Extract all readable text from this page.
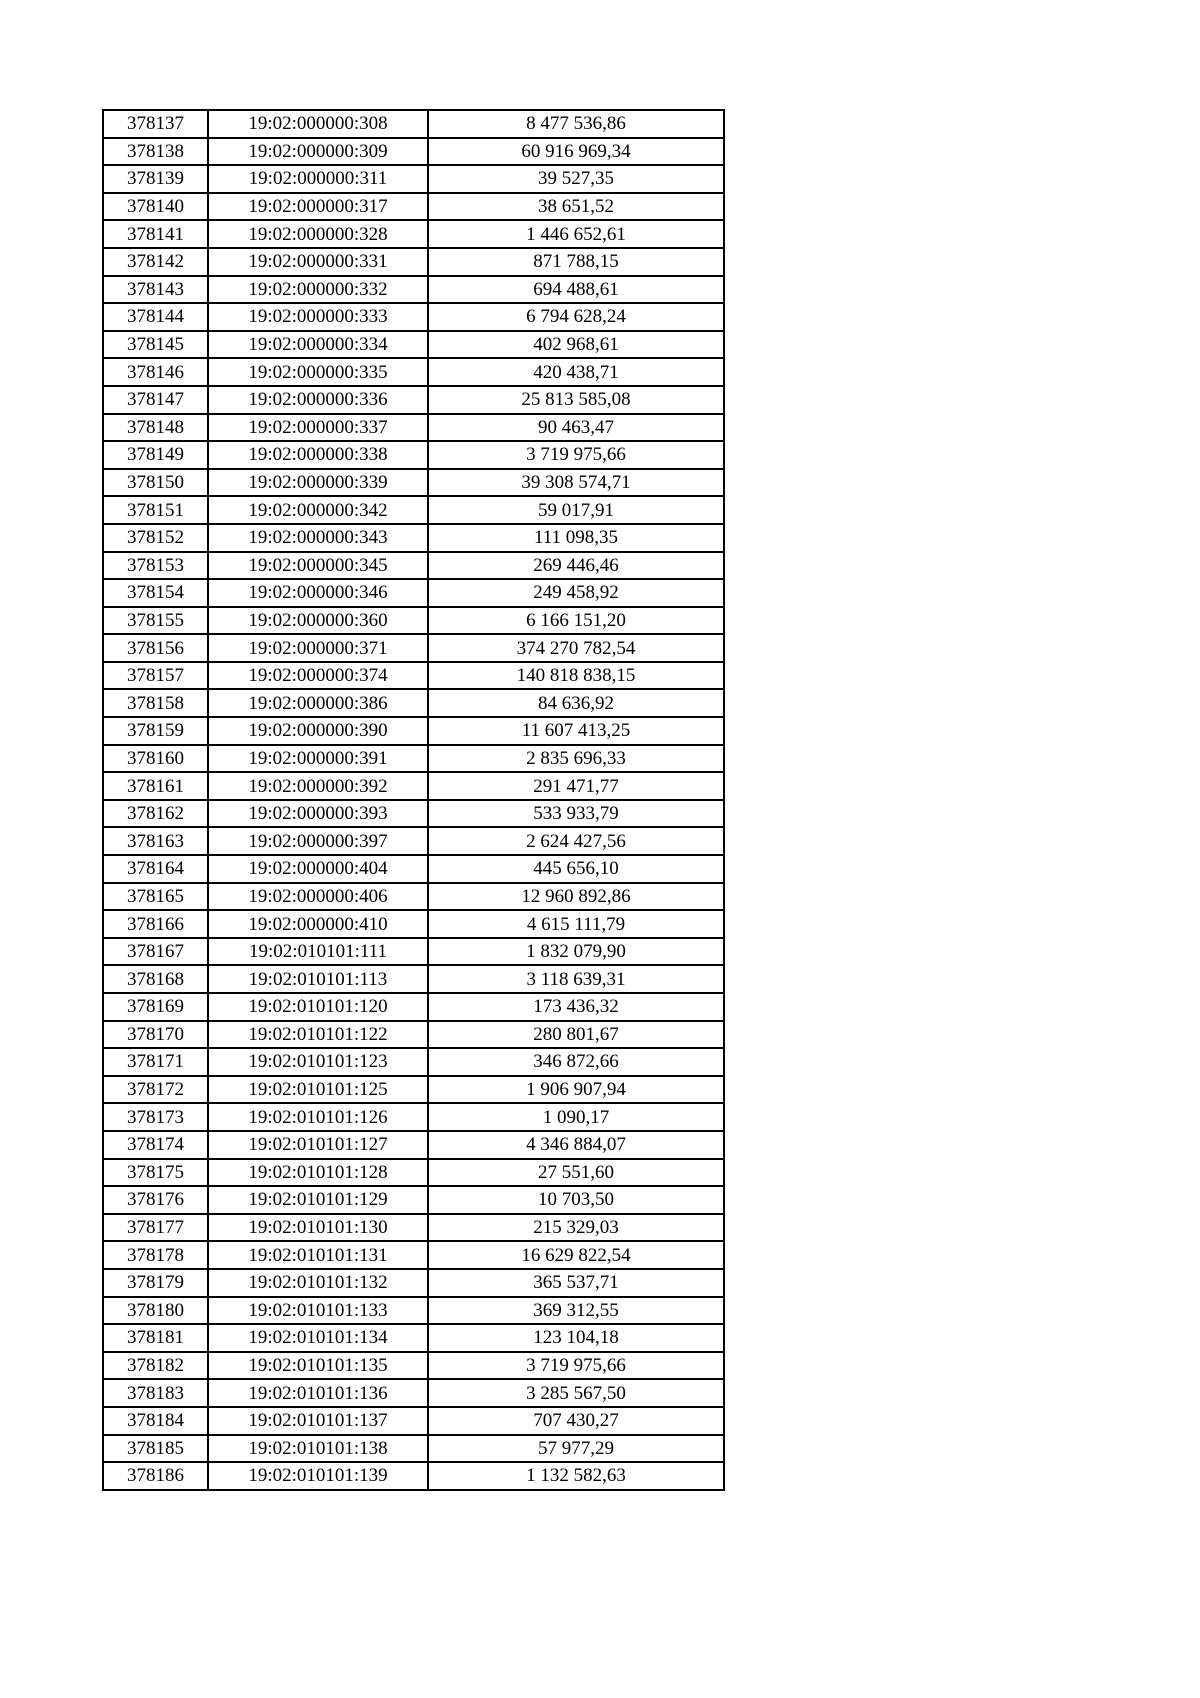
378137	19:02:000000:308	8 477 536,86
378138	19:02:000000:309	60 916 969,34
378139	19:02:000000:311	39 527,35
378140	19:02:000000:317	38 651,52
378141	19:02:000000:328	1 446 652,61
378142	19:02:000000:331	871 788,15
378143	19:02:000000:332	694 488,61
378144	19:02:000000:333	6 794 628,24
378145	19:02:000000:334	402 968,61
378146	19:02:000000:335	420 438,71
378147	19:02:000000:336	25 813 585,08
378148	19:02:000000:337	90 463,47
378149	19:02:000000:338	3 719 975,66
378150	19:02:000000:339	39 308 574,71
378151	19:02:000000:342	59 017,91
378152	19:02:000000:343	111 098,35
378153	19:02:000000:345	269 446,46
378154	19:02:000000:346	249 458,92
378155	19:02:000000:360	6 166 151,20
378156	19:02:000000:371	374 270 782,54
378157	19:02:000000:374	140 818 838,15
378158	19:02:000000:386	84 636,92
378159	19:02:000000:390	11 607 413,25
378160	19:02:000000:391	2 835 696,33
378161	19:02:000000:392	291 471,77
378162	19:02:000000:393	533 933,79
378163	19:02:000000:397	2 624 427,56
378164	19:02:000000:404	445 656,10
378165	19:02:000000:406	12 960 892,86
378166	19:02:000000:410	4 615 111,79
378167	19:02:010101:111	1 832 079,90
378168	19:02:010101:113	3 118 639,31
378169	19:02:010101:120	173 436,32
378170	19:02:010101:122	280 801,67
378171	19:02:010101:123	346 872,66
378172	19:02:010101:125	1 906 907,94
378173	19:02:010101:126	1 090,17
378174	19:02:010101:127	4 346 884,07
378175	19:02:010101:128	27 551,60
378176	19:02:010101:129	10 703,50
378177	19:02:010101:130	215 329,03
378178	19:02:010101:131	16 629 822,54
378179	19:02:010101:132	365 537,71
378180	19:02:010101:133	369 312,55
378181	19:02:010101:134	123 104,18
378182	19:02:010101:135	3 719 975,66
378183	19:02:010101:136	3 285 567,50
378184	19:02:010101:137	707 430,27
378185	19:02:010101:138	57 977,29
378186	19:02:010101:139	1 132 582,63
